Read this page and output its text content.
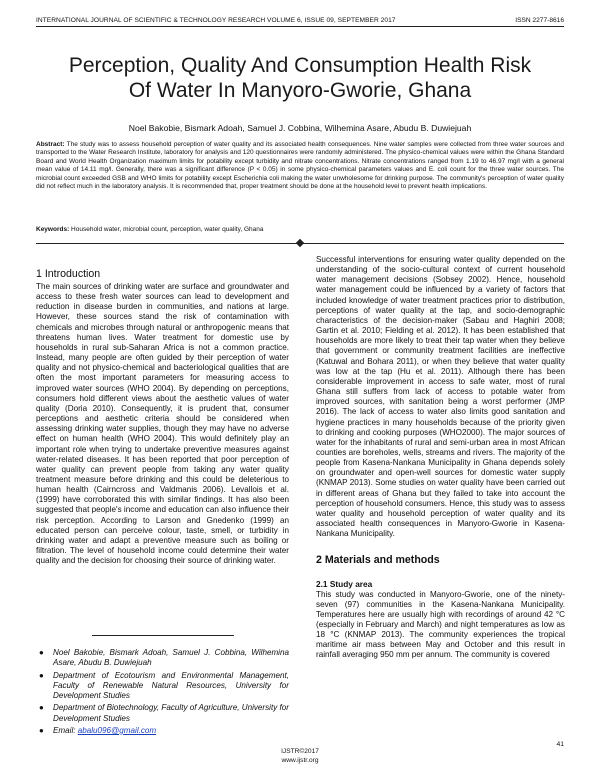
INTERNATIONAL JOURNAL OF SCIENTIFIC & TECHNOLOGY RESEARCH VOLUME 6, ISSUE 09, SEPTEMBER 2017	ISSN 2277-8616
Perception, Quality And Consumption Health Risk
Of Water In Manyoro-Gworie, Ghana
Noel Bakobie, Bismark Adoah, Samuel J. Cobbina, Wilhemina Asare, Abudu B. Duwiejuah
Abstract: The study was to assess household perception of water quality and its associated health consequences. Nine water samples were collected from three water sources and transported to the Water Research Institute, laboratory for analysis and 120 questionnaires were randomly administered. The physico-chemical values were within the Ghana Standard Board and World Health Organization maximum limits for potability except turbidity and nitrate concentrations. Nitrate concentrations ranged from 1.19 to 46.97 mg/l with a general mean value of 14.11 mg/l. Generally, there was a significant difference (P < 0.05) in some physico-chemical parameters values and E. coli count for the three water sources. The microbial count exceeded GSB and WHO limits for potability except Escherichia coli making the water unwholesome for drinking purpose. The community's perception of water quality did not reflect much in the laboratory analysis. It is recommended that, proper treatment should be done at the household level to prevent health implications.
Keywords: Household water, microbial count, perception, water quality, Ghana
1 Introduction

The main sources of drinking water are surface and groundwater and access to these fresh water sources can lead to development and reduction in disease burden in communities, and nations at large. However, these sources stand the risk of contamination with chemicals and microbes through natural or anthropogenic means that threatens human lives. Water treatment for domestic use by households in rural sub-Saharan Africa is not a common practice. Instead, many people are often guided by their perception of water quality and not physico-chemical and bacteriological qualities that are often the most important parameters for measuring access to improved water sources (WHO 2004). By depending on perceptions, consumers hold different views about the aesthetic values of water quality (Doria 2010). Consequently, it is prudent that, consumer perceptions and aesthetic criteria should be considered when assessing drinking water supplies, though they may have no adverse effect on human health (WHO 2004). This would definitely play an important role when trying to undertake preventive measures against water-related diseases. It has been reported that poor perception of water quality can prevent people from taking any water quality treatment measure before drinking and this could be deleterious to human health (Cairncross and Valdmanis 2006). Levallois et al. (1999) have corroborated this with similar findings. It has also been suggested that people's income and education can also influence their risk perception. According to Larson and Gnedenko (1999) an educated person can perceive colour, taste, smell, or turbidity in drinking water and adapt a preventive measure such as boiling or filtration. The level of household income could determine their water quality and the decision for choosing their source of drinking water.

Successful interventions for ensuring water quality depended on the understanding of the socio-cultural context of current household water management decisions (Sobsey 2002). Hence, household water management could be influenced by a variety of factors that included knowledge of water treatment practices prior to distribution, perceptions of water quality at the tap, and socio-demographic characteristics of the decision-maker (Sabau and Haghiri 2008; Gartin et al. 2010; Fielding et al. 2012). It has been established that households are more likely to treat their tap water when they believe that government or community treatment facilities are ineffective (Katuwal and Bohara 2011), or when they believe that water quality was low at the tap (Hu et al. 2011). Although there has been considerable improvement in access to safe water, most of rural Ghana still suffers from lack of access to potable water from improved sources, with sanitation being a worst performer (JMP 2016). The lack of access to water also limits good sanitation and hygiene practices in many households because of the priority given to drinking and cooking purposes (WHO2000). The major sources of water for the inhabitants of rural and semi-urban area in most African counties are boreholes, wells, streams and rivers. The majority of the people from Kasena-Nankana Municipality in Ghana depends solely on groundwater and open-well sources for domestic water supply (KNMAP 2013). Some studies on water quality have been carried out in different areas of Ghana but they failed to take into account the perception of household consumers. Hence, this study was to assess water quality and household perception of water quality and its associated health consequences in Manyoro-Gworie in Kasena-Nankana Municipality.

2 Materials and methods
2.1 Study area

This study was conducted in Manyoro-Gworie, one of the ninety-seven (97) communities in the Kasena-Nankana Municipality. Temperatures here are usually high with recordings of around 42 °C (especially in February and March) and night temperatures as low as 18 °C (KNMAP 2013). The community experiences the tropical maritime air mass between May and October and this result in rainfall averaging 950 mm per annum. The community is covered

● Noel Bakobie, Bismark Adoah, Samuel J. Cobbina, Wilhemina Asare, Abudu B. Duwiejuah
● Department of Ecotourism and Environmental Management, Faculty of Renewable Natural Resources, University for Development Studies
● Department of Biotechnology, Faculty of Agriculture, University for Development Studies
● Email: abalu096@gmail.com
41
IJSTR©2017
www.ijstr.org
